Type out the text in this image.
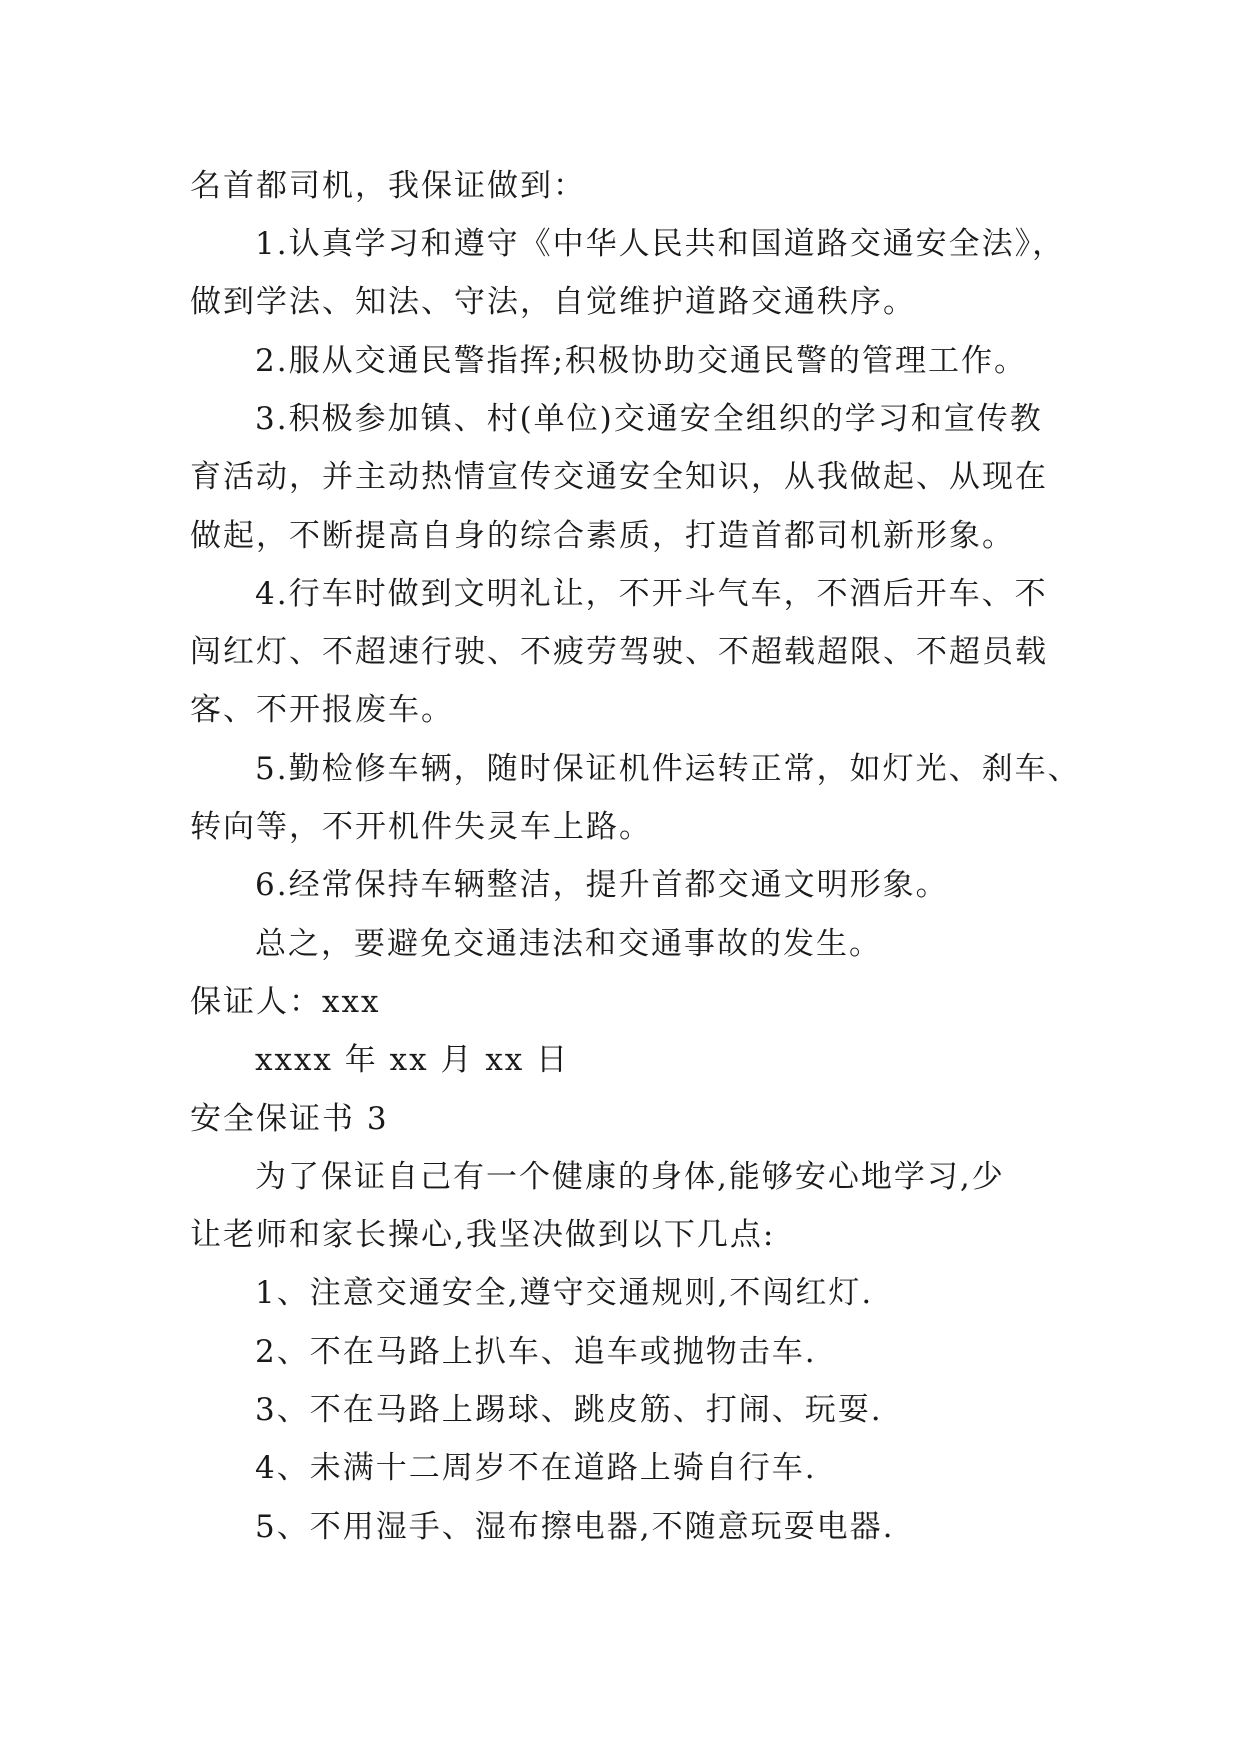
名首都司机，我保证做到：

1.认真学习和遵守《中华人民共和国道路交通安全法》，

做到学法、知法、守法，自觉维护道路交通秩序。

2.服从交通民警指挥;积极协助交通民警的管理工作。

3.积极参加镇、村(单位)交通安全组织的学习和宣传教

育活动，并主动热情宣传交通安全知识，从我做起、从现在

做起，不断提高自身的综合素质，打造首都司机新形象。

4.行车时做到文明礼让，不开斗气车，不酒后开车、不

闯红灯、不超速行驶、不疲劳驾驶、不超载超限、不超员载

客、不开报废车。

5.勤检修车辆，随时保证机件运转正常，如灯光、刹车、

转向等，不开机件失灵车上路。

6.经常保持车辆整洁，提升首都交通文明形象。

总之，要避免交通违法和交通事故的发生。

保证人：xxx

xxxx 年 xx 月 xx 日

安全保证书 3

为了保证自己有一个健康的身体,能够安心地学习,少

让老师和家长操心,我坚决做到以下几点:

1、注意交通安全,遵守交通规则,不闯红灯.

2、不在马路上扒车、追车或抛物击车.

3、不在马路上踢球、跳皮筋、打闹、玩耍.

4、未满十二周岁不在道路上骑自行车.

5、不用湿手、湿布擦电器,不随意玩耍电器.
